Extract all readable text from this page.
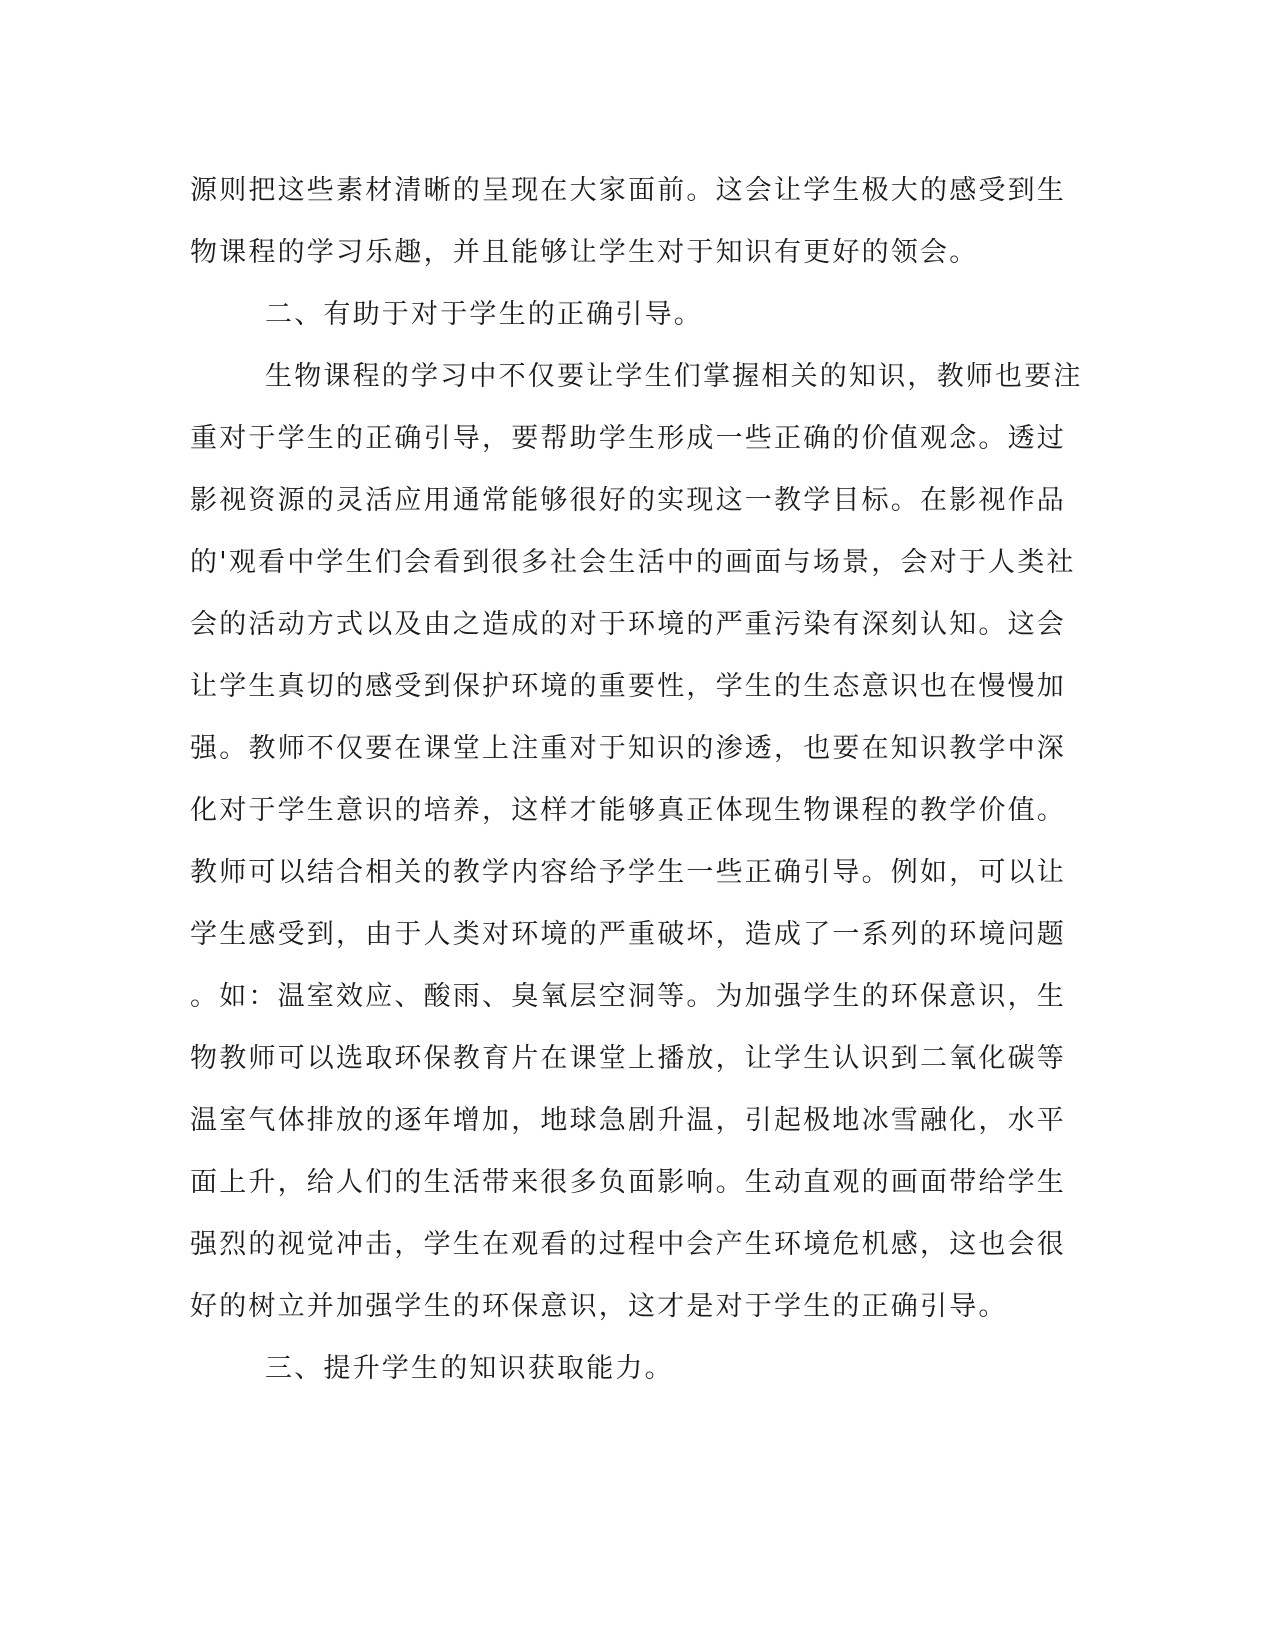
源则把这些素材清晰的呈现在大家面前。这会让学生极大的感受到生
物课程的学习乐趣，并且能够让学生对于知识有更好的领会。
二、有助于对于学生的正确引导。
生物课程的学习中不仅要让学生们掌握相关的知识，教师也要注
重对于学生的正确引导，要帮助学生形成一些正确的价值观念。透过
影视资源的灵活应用通常能够很好的实现这一教学目标。在影视作品
的'观看中学生们会看到很多社会生活中的画面与场景，会对于人类社
会的活动方式以及由之造成的对于环境的严重污染有深刻认知。这会
让学生真切的感受到保护环境的重要性，学生的生态意识也在慢慢加
强。教师不仅要在课堂上注重对于知识的渗透，也要在知识教学中深
化对于学生意识的培养，这样才能够真正体现生物课程的教学价值。
教师可以结合相关的教学内容给予学生一些正确引导。例如，可以让
学生感受到，由于人类对环境的严重破坏，造成了一系列的环境问题
。如：温室效应、酸雨、臭氧层空洞等。为加强学生的环保意识，生
物教师可以选取环保教育片在课堂上播放，让学生认识到二氧化碳等
温室气体排放的逐年增加，地球急剧升温，引起极地冰雪融化，水平
面上升，给人们的生活带来很多负面影响。生动直观的画面带给学生
强烈的视觉冲击，学生在观看的过程中会产生环境危机感，这也会很
好的树立并加强学生的环保意识，这才是对于学生的正确引导。
三、提升学生的知识获取能力。
